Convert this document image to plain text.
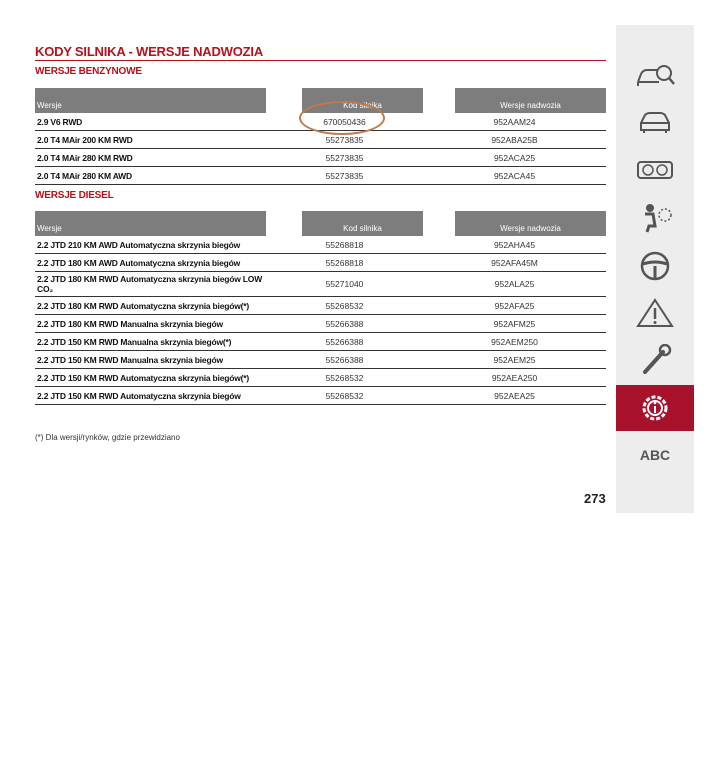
KODY SILNIKA - WERSJE NADWOZIA
WERSJE BENZYNOWE
Wersje	Kod silnika	Wersje nadwozia
2.9 V6 RWD	670050436	952AAM24
2.0 T4 MAir 200 KM RWD	55273835	952ABA25B
2.0 T4 MAir 280 KM RWD	55273835	952ACA25
2.0 T4 MAir 280 KM AWD	55273835	952ACA45
WERSJE DIESEL
Wersje	Kod silnika	Wersje nadwozia
2.2 JTD 210 KM AWD Automatyczna skrzynia biegów	55268818	952AHA45
2.2 JTD 180 KM AWD Automatyczna skrzynia biegów	55268818	952AFA45M
2.2 JTD 180 KM RWD Automatyczna skrzynia biegów LOW CO₂	55271040	952ALA25
2.2 JTD 180 KM RWD Automatyczna skrzynia biegów(*)	55268532	952AFA25
2.2 JTD 180 KM RWD Manualna skrzynia biegów	55266388	952AFM25
2.2 JTD 150 KM RWD Manualna skrzynia biegów(*)	55266388	952AEM250
2.2 JTD 150 KM RWD Manualna skrzynia biegów	55266388	952AEM25
2.2 JTD 150 KM RWD Automatyczna skrzynia biegów(*)	55268532	952AEA250
2.2 JTD 150 KM RWD Automatyczna skrzynia biegów	55268532	952AEA25
(*) Dla wersji/rynków, gdzie przewidziano
273
ABC
